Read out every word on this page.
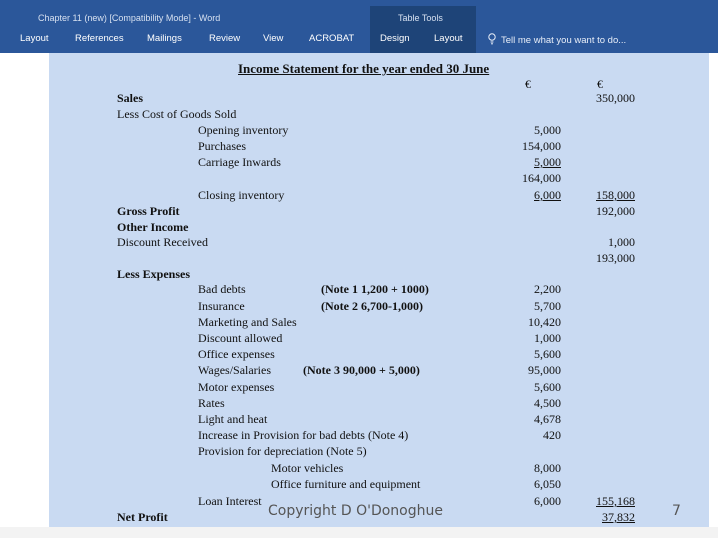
Chapter 11 (new) [Compatibility Mode] - Word	Table Tools
Layout	References Mailings	Review View	ACROBAT	Design	Layout	Tell me what you want to do...
Income Statement for the year ended 30 June
€	€
Sales	350,000
Less Cost of Goods Sold
Opening inventory	5,000
Purchases	154,000
Carriage Inwards	5,000
164,000
Closing inventory	6,000	158,000
Gross Profit	192,000
Other Income
Discount Received	1,000
193,000
Less Expenses
Bad debts	(Note 1 1,200 + 1000)	2,200
Insurance	(Note 2 6,700-1,000)	5,700
Marketing and Sales	10,420
Discount allowed	1,000
Office expenses	5,600
Wages/Salaries	(Note 3 90,000 + 5,000)	95,000
Motor expenses	5,600
Rates	4,500
Light and heat	4,678
Increase in Provision for bad debts (Note 4)	420
Provision for depreciation (Note 5)
Motor vehicles	8,000
Office furniture and equipment	6,050
Loan Interest	6,000	155,168
Net Profit	37,832
Copyright D O'Donoghue	7
